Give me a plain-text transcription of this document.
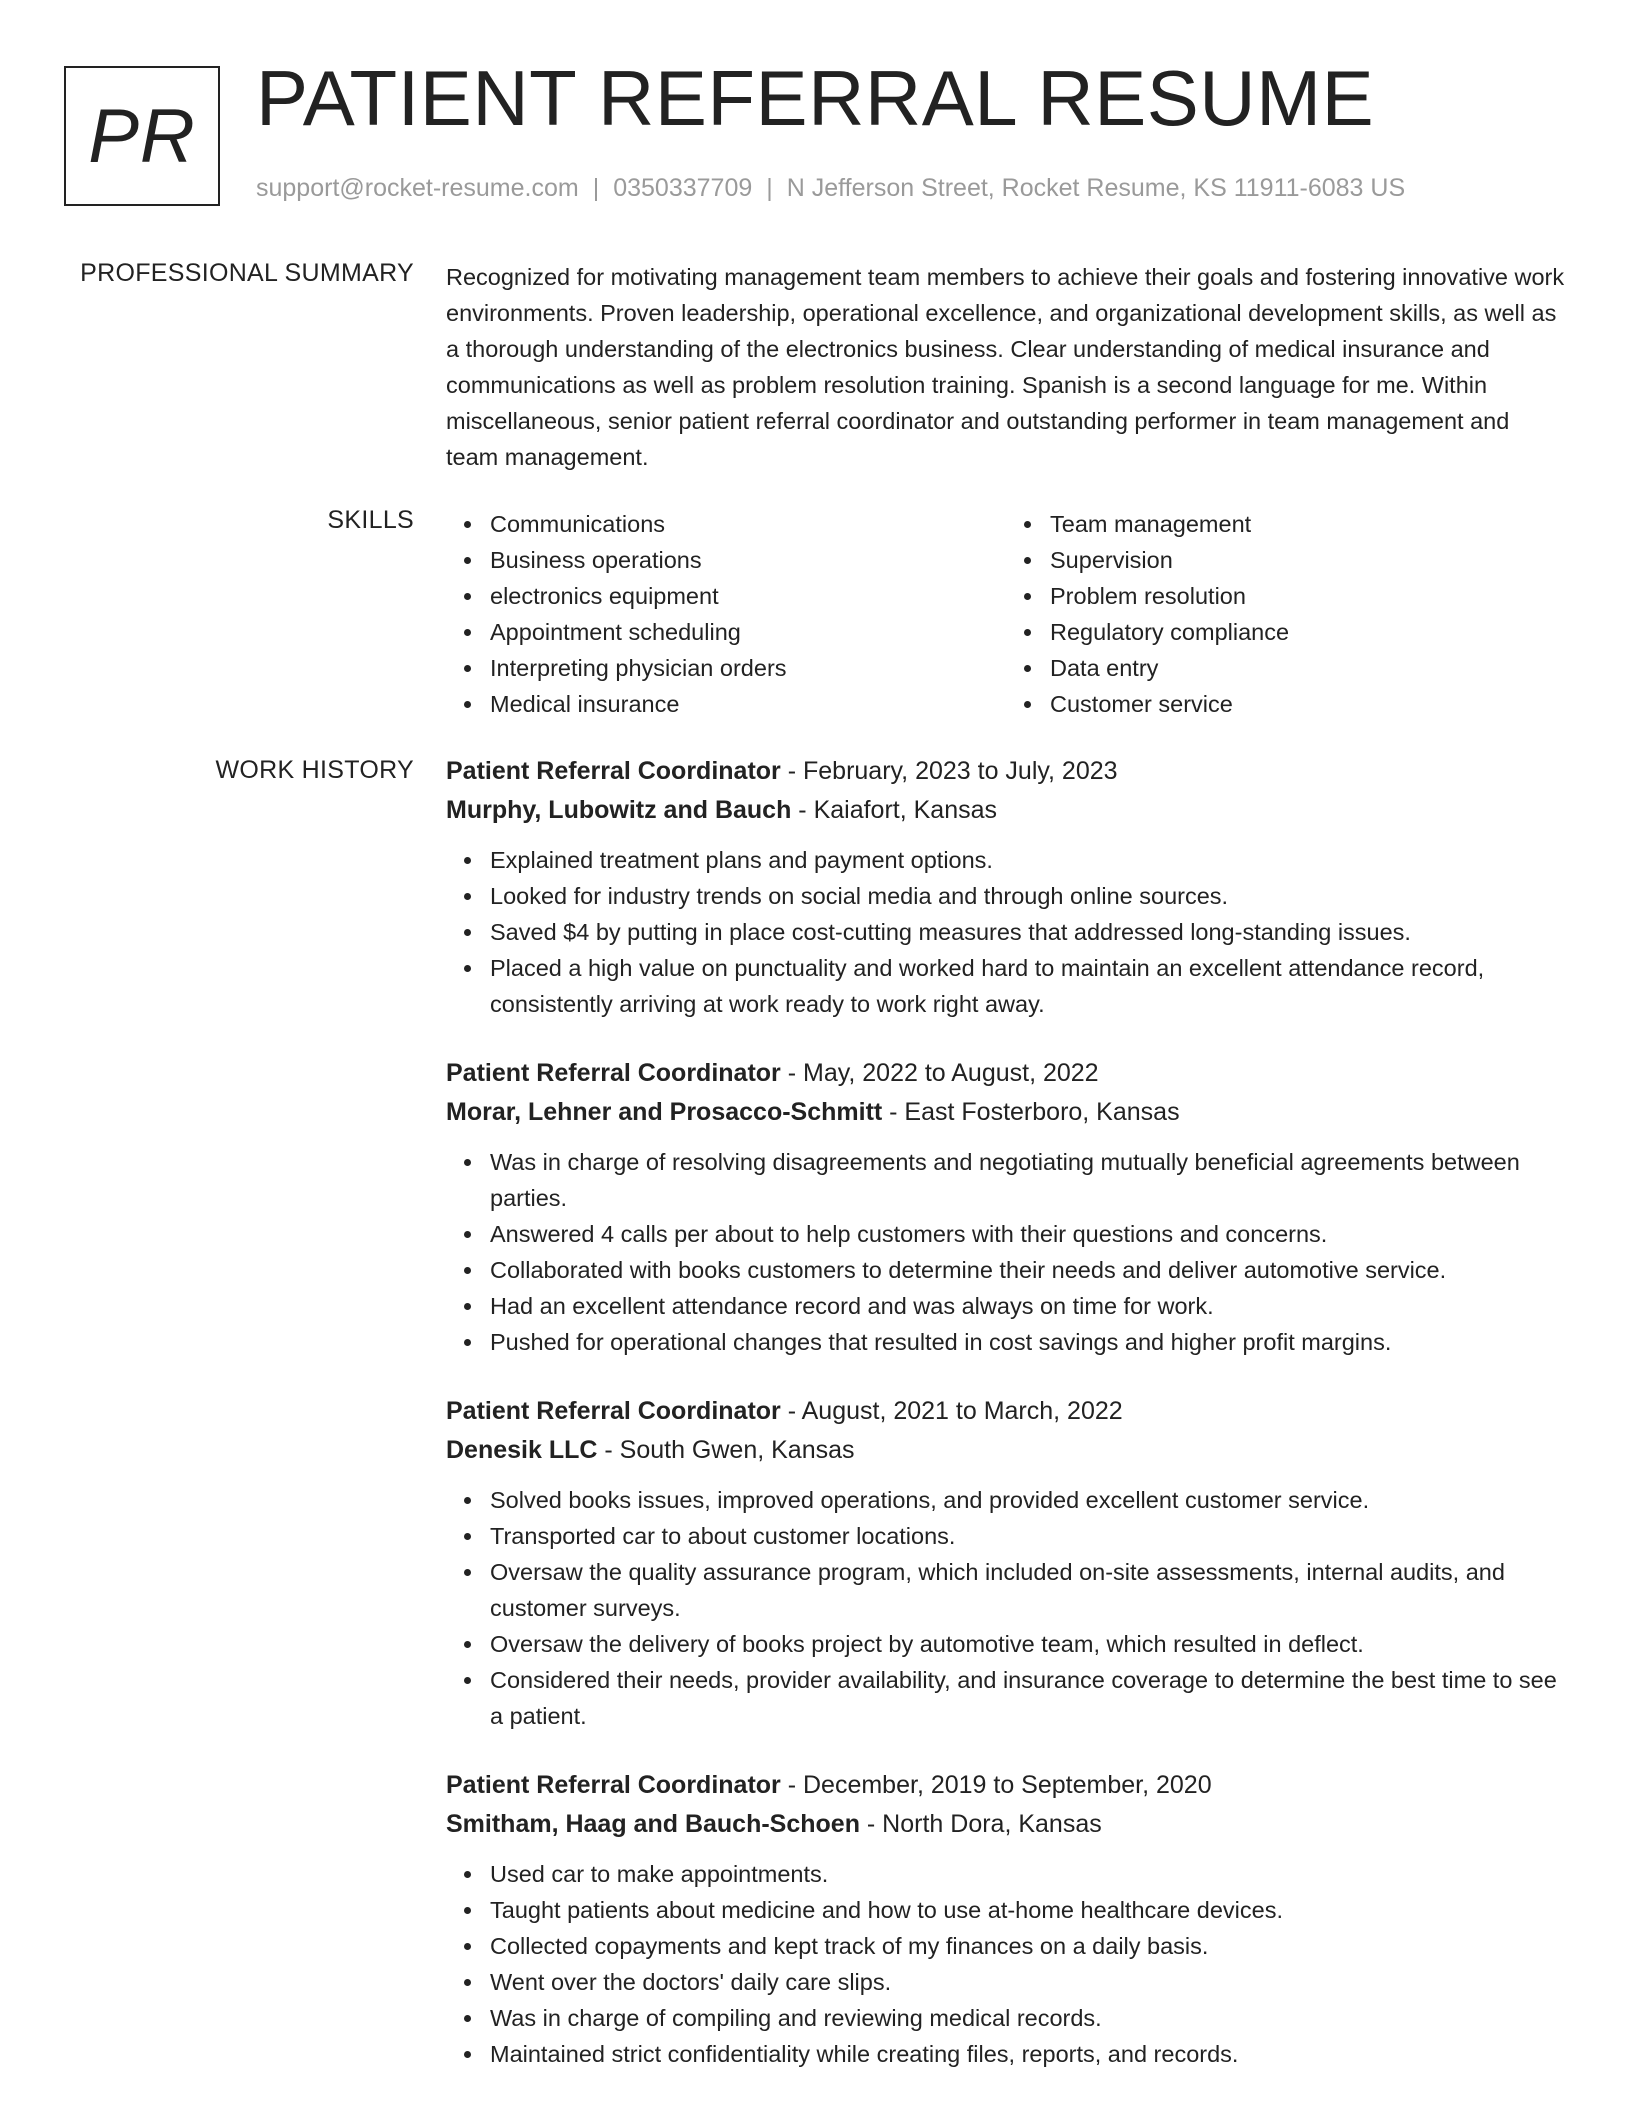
PR PATIENT REFERRAL RESUME
support@rocket-resume.com | 0350337709 | N Jefferson Street, Rocket Resume, KS 11911-6083 US
PROFESSIONAL SUMMARY Recognized for motivating management team members to achieve their goals and fostering innovative work environments. Proven leadership, operational excellence, and organizational development skills, as well as a thorough understanding of the electronics business. Clear understanding of medical insurance and communications as well as problem resolution training. Spanish is a second language for me. Within miscellaneous, senior patient referral coordinator and outstanding performer in team management and team management.

SKILLS	Communications
Business operations
electronics equipment
Appointment scheduling
Interpreting physician orders
Medical insurance
Team management
Supervision
Problem resolution
Regulatory compliance
Data entry
Customer service
WORK HISTORY Patient Referral Coordinator - February, 2023 to July, 2023
Murphy, Lubowitz and Bauch - Kaiafort, Kansas
Explained treatment plans and payment options.
Looked for industry trends on social media and through online sources.
Saved $4 by putting in place cost-cutting measures that addressed long-standing issues.
Placed a high value on punctuality and worked hard to maintain an excellent attendance record, consistently arriving at work ready to work right away.
Patient Referral Coordinator - May, 2022 to August, 2022
Morar, Lehner and Prosacco-Schmitt - East Fosterboro, Kansas
Was in charge of resolving disagreements and negotiating mutually beneficial agreements between parties.
Answered 4 calls per about to help customers with their questions and concerns.
Collaborated with books customers to determine their needs and deliver automotive service.
Had an excellent attendance record and was always on time for work.
Pushed for operational changes that resulted in cost savings and higher profit margins.
Patient Referral Coordinator - August, 2021 to March, 2022
Denesik LLC - South Gwen, Kansas
Solved books issues, improved operations, and provided excellent customer service.
Transported car to about customer locations.
Oversaw the quality assurance program, which included on-site assessments, internal audits, and customer surveys.
Oversaw the delivery of books project by automotive team, which resulted in deflect.
Considered their needs, provider availability, and insurance coverage to determine the best time to see a patient.
Patient Referral Coordinator - December, 2019 to September, 2020
Smitham, Haag and Bauch-Schoen - North Dora, Kansas
Used car to make appointments.
Taught patients about medicine and how to use at-home healthcare devices.
Collected copayments and kept track of my finances on a daily basis.
Went over the doctors' daily care slips.
Was in charge of compiling and reviewing medical records.
Maintained strict confidentiality while creating files, reports, and records.
